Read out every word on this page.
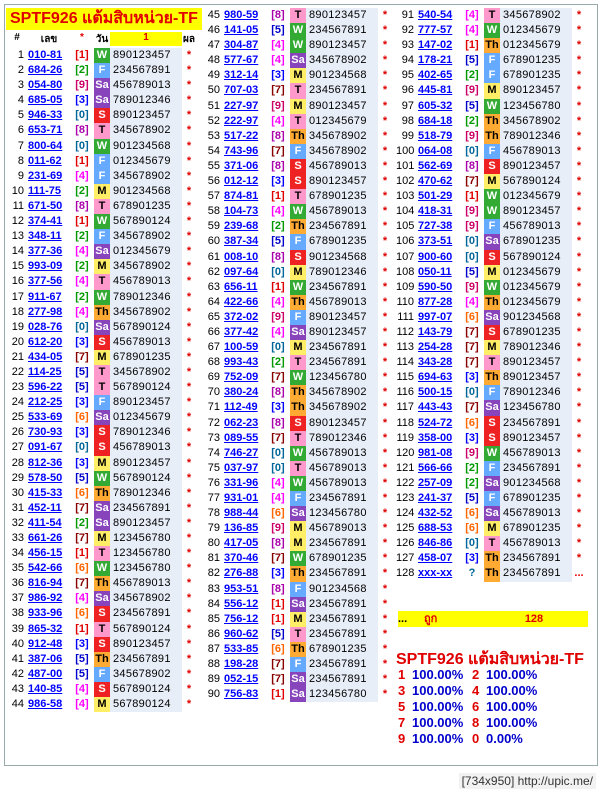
SPTF926 แต้มสิบหน่วย-TF
#	เลข	*	วัน	1	ผล
1 010-81	[1] W 890123457	*
2 684-26	[2] F 234567891	*
3 054-80	[9] Sa 456789013	*
4 685-05	[3] Sa 789012346	*
5 946-33	[0] S 890123457	*
6 653-71	[8] T 345678902	*
7 800-64	[0] W 901234568	*
8 011-62	[1] F 012345679	*
9 231-69	[4] F 345678902	*
10 111-75	[2] M 901234568	*
11 671-50	[8] T 678901235	*
12 374-41	[1] W 567890124	*
13 348-11	[2] F 345678902	*
14 377-36	[4] Sa 012345679	*
15 993-09	[2] M 345678902	*
16 377-56	[4] T 456789013	*
17 911-67	[2] W 789012346	*
18 277-98	[4] Th 345678902	*
19 028-76	[0] Sa 567890124	*
20 612-20	[3] S 456789013	*
21 434-05	[7] M 678901235	*
22 114-25	[5] T 345678902	*
23 596-22	[5] T 567890124	*
24 212-25	[3] F 890123457	*
25 533-69	[6] Sa 012345679	*
26 730-93	[3] S 789012346	*
27 091-67	[0] S 456789013	*
28 812-36	[3] M 890123457	*
29 578-50	[5] W 567890124	*
30 415-33	[6] Th 789012346	*
31 452-11	[7] Sa 234567891	*
32 411-54	[2] Sa 890123457	*
33 661-26	[7] M 123456780	*
34 456-15	[1] T 123456780	*
35 542-66	[6] W 123456780	*
36 816-94	[7] Th 456789013	*
37 986-92	[4] Sa 345678902	*
38 933-96	[6] S 234567891	*
39 865-32	[1] T 567890124	*
40 912-48	[3] S 890123457	*
41 387-06	[5] Th 234567891	*
42 487-00	[5] F 345678902	*
43 140-85	[4] S 567890124	*
44 986-58	[4] M 567890124	*
45 980-59	[8] T 890123457	*
46 141-05	[5] W 234567891	*
47 304-87	[4] W 890123457	*
48 577-67	[4] Sa 345678902	*
49 312-14	[3] M 901234568	*
50 707-03	[7] T 234567891	*
51 227-97	[9] M 890123457	*
52 222-97	[4] T 012345679	*
53 517-22	[8] Th 345678902	*
54 743-96	[7] F 345678902	*
55 371-06	[8] S 456789013	*
56 012-12	[3] S 890123457	*
57 874-81	[1] T 678901235	*
58 104-73	[4] W 456789013	*
59 239-68	[2] Th 234567891	*
60 387-34	[5] F 678901235	*
61 008-10	[8] S 901234568	*
62 097-64	[0] M 789012346	*
63 656-11	[1] W 234567891	*
64 422-66	[4] Th 456789013	*
65 372-02	[9] F 890123457	*
66 377-42	[4] Sa 890123457	*
67 100-59	[0] M 234567891	*
68 993-43	[2] T 234567891	*
69 752-09	[7] W 123456780	*
70 380-24	[8] Th 345678902	*
71 112-49	[3] Th 345678902	*
72 062-23	[8] S 890123457	*
73 089-55	[7] T 789012346	*
74 746-27	[0] W 456789013	*
75 037-97	[0] T 456789013	*
76 331-96	[4] W 456789013	*
77 931-01	[4] F 234567891	*
78 988-44	[6] Sa 123456780	*
79 136-85	[9] M 456789013	*
80 417-05	[8] M 234567891	*
81 370-46	[7] W 678901235	*
82 276-88	[3] Th 234567891	*
83 953-51	[8] F 901234568	*
84 556-12	[1] Sa 234567891	*
85 756-12	[1] M 234567891	*
86 960-62	[5] T 234567891	*
87 533-85	[6] Th 678901235	*
88 198-28	[7] F 234567891	*
89 052-15	[7] Sa 234567891	*
90 756-83	[1] Sa 123456780	*
91 540-54	[4] T 345678902	*
92 777-57	[4] W 012345679	*
93 147-02	[1] Th 012345679	*
94 178-21	[5] F 678901235	*
95 402-65	[2] F 678901235	*
96 445-81	[9] M 890123457	*
97 605-32	[5] W 123456780	*
98 684-18	[2] Th 345678902	*
99 518-79	[9] Th 789012346	*
100 064-08	[0] F 456789013	*
101 562-69	[8] S 890123457	*
102 470-62	[7] M 567890124	*
103 501-29	[1] W 012345679	*
104 418-31	[9] W 890123457	*
105 727-38	[9] F 456789013	*
106 373-51	[0] Sa 678901235	*
107 900-60	[0] S 567890124	*
108 050-11	[5] M 012345679	*
109 590-50	[9] W 012345679	*
110 877-28	[4] Th 012345679	*
111 997-07	[6] Sa 901234568	*
112 143-79	[7] S 678901235	*
113 254-28	[7] M 789012346	*
114 343-28	[7] T 890123457	*
115 694-63	[3] Th 890123457	*
116 500-15	[0] F 789012346	*
117 443-43	[7] Sa 123456780	*
118 524-72	[6] S 234567891	*
119 358-00	[3] S 890123457	*
120 981-08	[9] W 456789013	*
121 566-66	[2] F 234567891	*
122 257-09	[2] Sa 901234568	*
123 241-37	[5] F 678901235	*
124 432-52	[6] Sa 456789013	*
125 688-53	[6] M 678901235	*
126 846-86	[0] T 456789013	*
127 458-07	[3] Th 234567891	*
128 xxx-xx	? Th 234567891	...
...	ถูก	128
SPTF926 แต้มสิบหน่วย-TF
1 100.00% 2 100.00%
3 100.00% 4 100.00%
5 100.00% 6 100.00%
7 100.00% 8 100.00%
9 100.00% 0 0.00%
[734x950] http://upic.me/
